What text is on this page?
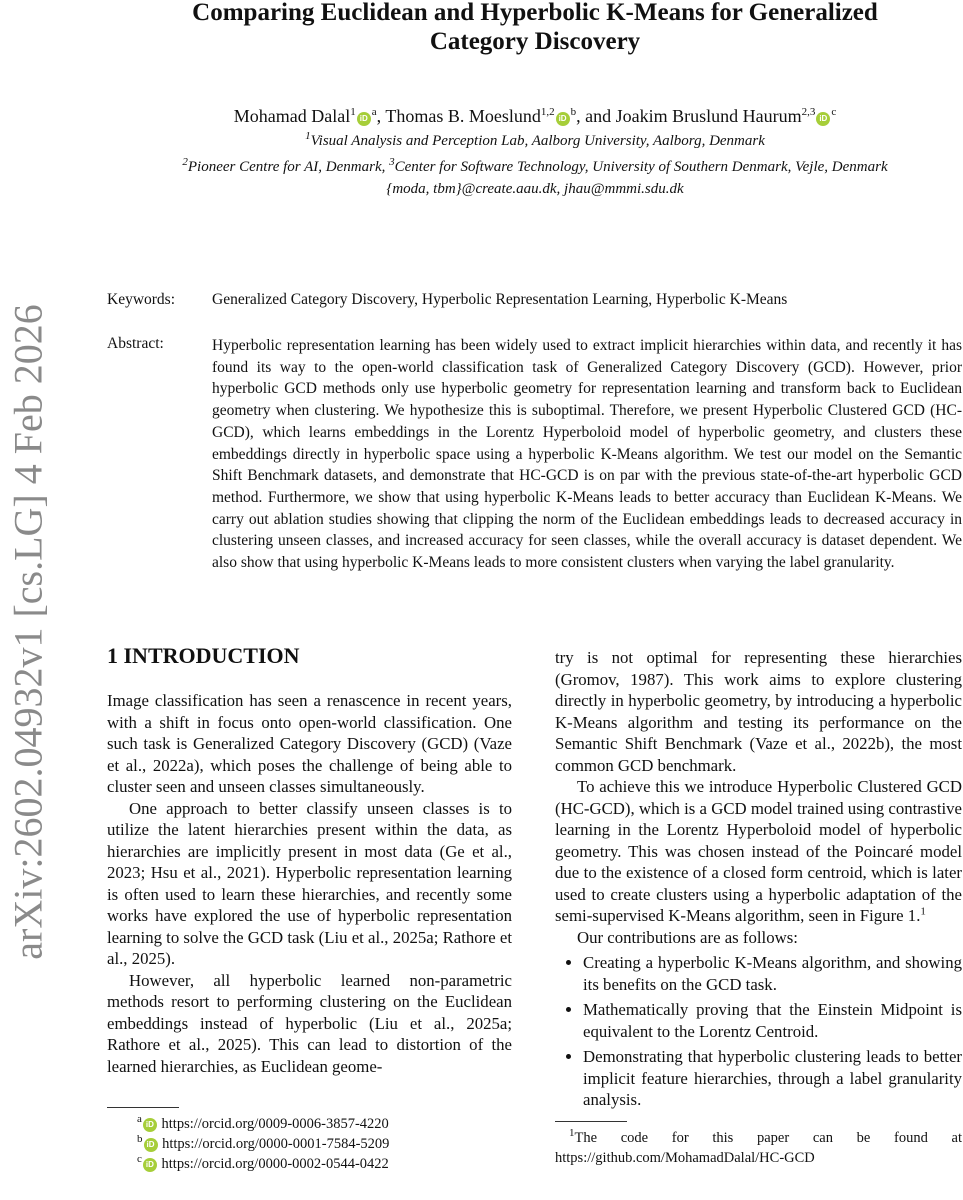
arXiv:2602.04932v1 [cs.LG] 4 Feb 2026
Comparing Euclidean and Hyperbolic K-Means for Generalized
Category Discovery
Mohamad $Dalal^1iD^a$, Thomas B. $Moeslund^{1,2}iD^b$, and Joakim Bruslund $Haurum^{2,3}iD^c$
$^1$Visual Analysis and Perception Lab, Aalborg University, Aalborg, Denmark
$^2$Pioneer Centre for AI, Denmark, $^3$Center for Software Technology, University of Southern Denmark, Vejle, Denmark
{moda, tbm}@create.aau.dk, jhau@mmmi.sdu.dk
Keywords: Generalized Category Discovery, Hyperbolic Representation Learning, Hyperbolic K-Means
Abstract:	Hyperbolic representation learning has been widely used to extract implicit hierarchies within data, and recently it has found its way to the open-world classification task of Generalized Category Discovery (GCD). However, prior hyperbolic GCD methods only use hyperbolic geometry for representation learning and transform back to Euclidean geometry when clustering. We hypothesize this is suboptimal. Therefore, we present Hyperbolic Clustered GCD (HC-GCD), which learns embeddings in the Lorentz Hyperboloid model of hyperbolic geometry, and clusters these embeddings directly in hyperbolic space using a hyperbolic K-Means algorithm. We test our model on the Semantic Shift Benchmark datasets, and demonstrate that HC-GCD is on par with the previous state-of-the-art hyperbolic GCD method. Furthermore, we show that using hyperbolic K-Means leads to better accuracy than Euclidean K-Means. We carry out ablation studies showing that clipping the norm of the Euclidean embeddings leads to decreased accuracy in clustering unseen classes, and increased accuracy for seen classes, while the overall accuracy is dataset dependent. We also show that using hyperbolic K-Means leads to more consistent clusters when varying the label granularity.
1 INTRODUCTION

Image classification has seen a renascence in recent years, with a shift in focus onto open-world classification. One such task is Generalized Category Discovery (GCD) (Vaze et al., 2022a), which poses the challenge of being able to cluster seen and unseen classes simultaneously.

One approach to better classify unseen classes is to utilize the latent hierarchies present within the data, as hierarchies are implicitly present in most data (Ge et al., 2023; Hsu et al., 2021). Hyperbolic representation learning is often used to learn these hierarchies, and recently some works have explored the use of hyperbolic representation learning to solve the GCD task (Liu et al., 2025a; Rathore et al., 2025).

However, all hyperbolic learned non-parametric methods resort to performing clustering on the Euclidean embeddings instead of hyperbolic (Liu et al., 2025a; Rathore et al., 2025). This can lead to distortion of the learned hierarchies, as Euclidean geome-

$^a$ iD https://orcid.org/0009-0006-3857-4220
$^b$ iD https://orcid.org/0000-0001-7584-5209
$^c$ iD https://orcid.org/0000-0002-0544-0422

try is not optimal for representing these hierarchies (Gromov, 1987). This work aims to explore clustering directly in hyperbolic geometry, by introducing a hyperbolic K-Means algorithm and testing its performance on the Semantic Shift Benchmark (Vaze et al., 2022b), the most common GCD benchmark.

To achieve this we introduce Hyperbolic Clustered GCD (HC-GCD), which is a GCD model trained using contrastive learning in the Lorentz Hyperboloid model of hyperbolic geometry. This was chosen instead of the Poincaré model due to the existence of a closed form centroid, which is later used to create clusters using a hyperbolic adaptation of the semi-supervised K-Means algorithm, seen in Figure 1.$^1$

Our contributions are as follows:

• Creating a hyperbolic K-Means algorithm, and showing its benefits on the GCD task.
• Mathematically proving that the Einstein Midpoint is equivalent to the Lorentz Centroid.
• Demonstrating that hyperbolic clustering leads to better implicit feature hierarchies, through a label granularity analysis.
$^1$The code for this paper can be found at https://github.com/MohamadDalal/HC-GCD
